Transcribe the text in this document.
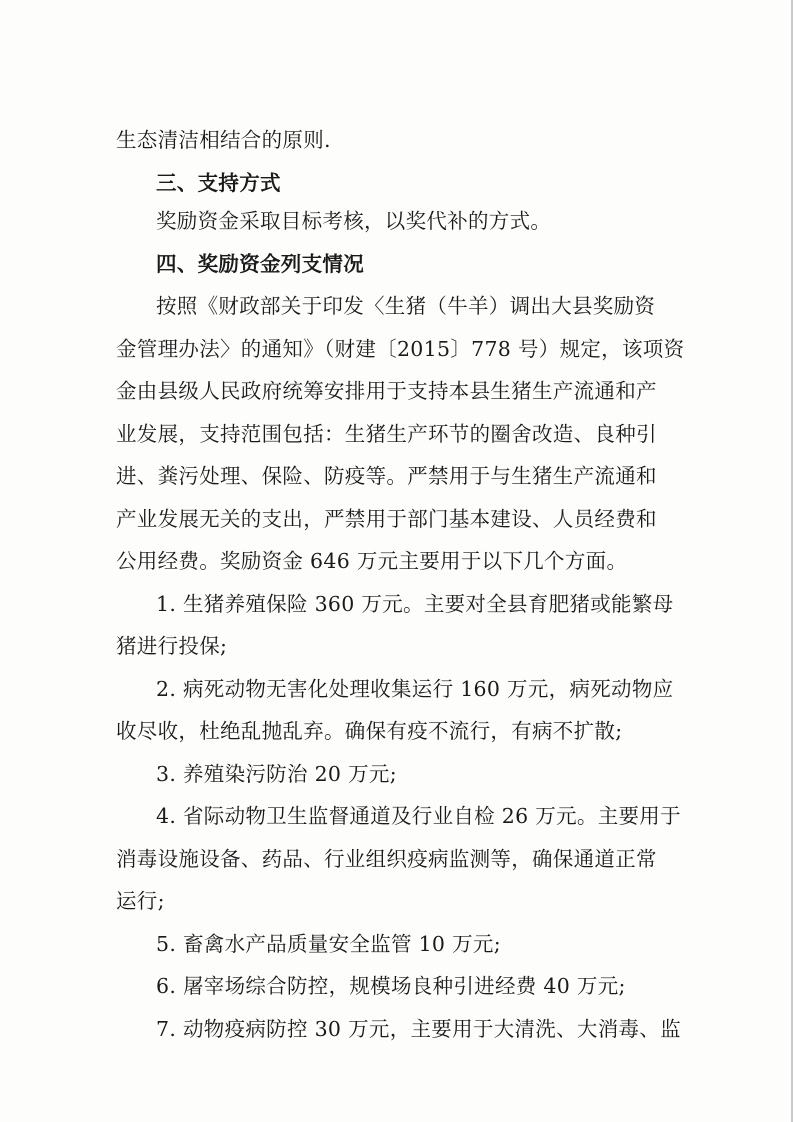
生态清洁相结合的原则.
三、支持方式
奖励资金采取目标考核，以奖代补的方式。
四、奖励资金列支情况
按照《财政部关于印发〈生猪（牛羊）调出大县奖励资
金管理办法〉的通知》（财建〔2015〕778 号）规定，该项资
金由县级人民政府统筹安排用于支持本县生猪生产流通和产
业发展，支持范围包括：生猪生产环节的圈舍改造、良种引
进、粪污处理、保险、防疫等。严禁用于与生猪生产流通和
产业发展无关的支出，严禁用于部门基本建设、人员经费和
公用经费。奖励资金 646 万元主要用于以下几个方面。
1. 生猪养殖保险 360 万元。主要对全县育肥猪或能繁母
猪进行投保;
2. 病死动物无害化处理收集运行 160 万元，病死动物应
收尽收，杜绝乱抛乱弃。确保有疫不流行，有病不扩散;
3. 养殖染污防治 20 万元;
4. 省际动物卫生监督通道及行业自检 26 万元。主要用于
消毒设施设备、药品、行业组织疫病监测等，确保通道正常
运行;
5. 畜禽水产品质量安全监管 10 万元;
6. 屠宰场综合防控，规模场良种引进经费 40 万元;
7. 动物疫病防控 30 万元，主要用于大清洗、大消毒、监
